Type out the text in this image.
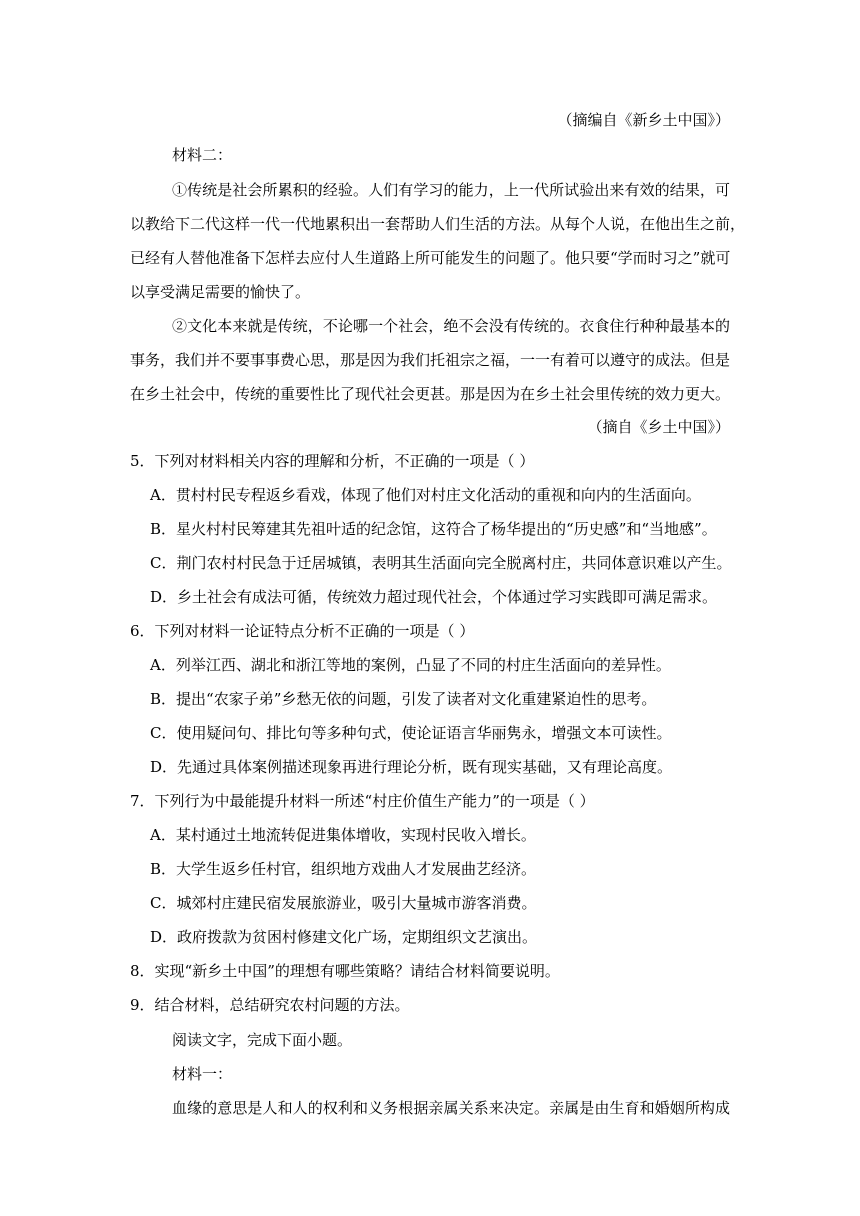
（摘编自《新乡土中国》）
材料二：
①传统是社会所累积的经验。人们有学习的能力，上一代所试验出来有效的结果，可
以教给下二代这样一代一代地累积出一套帮助人们生活的方法。从每个人说，在他出生之前，
已经有人替他准备下怎样去应付人生道路上所可能发生的问题了。他只要“学而时习之”就可
以享受满足需要的愉快了。
②文化本来就是传统，不论哪一个社会，绝不会没有传统的。衣食住行种种最基本的
事务，我们并不要事事费心思，那是因为我们托祖宗之福，一一有着可以遵守的成法。但是
在乡土社会中，传统的重要性比了现代社会更甚。那是因为在乡土社会里传统的效力更大。
（摘自《乡土中国》）
5．下列对材料相关内容的理解和分析，不正确的一项是（ ）
A．贯村村民专程返乡看戏，体现了他们对村庄文化活动的重视和向内的生活面向。
B．星火村村民筹建其先祖叶适的纪念馆，这符合了杨华提出的“历史感”和“当地感”。
C．荆门农村村民急于迁居城镇，表明其生活面向完全脱离村庄，共同体意识难以产生。
D．乡土社会有成法可循，传统效力超过现代社会，个体通过学习实践即可满足需求。
6．下列对材料一论证特点分析不正确的一项是（ ）
A．列举江西、湖北和浙江等地的案例，凸显了不同的村庄生活面向的差异性。
B．提出“农家子弟”乡愁无依的问题，引发了读者对文化重建紧迫性的思考。
C．使用疑问句、排比句等多种句式，使论证语言华丽隽永，增强文本可读性。
D．先通过具体案例描述现象再进行理论分析，既有现实基础，又有理论高度。
7．下列行为中最能提升材料一所述“村庄价值生产能力”的一项是（ ）
A．某村通过土地流转促进集体增收，实现村民收入增长。
B．大学生返乡任村官，组织地方戏曲人才发展曲艺经济。
C．城郊村庄建民宿发展旅游业，吸引大量城市游客消费。
D．政府拨款为贫困村修建文化广场，定期组织文艺演出。
8．实现“新乡土中国”的理想有哪些策略？请结合材料简要说明。
9．结合材料，总结研究农村问题的方法。
阅读文字，完成下面小题。
材料一：
血缘的意思是人和人的权利和义务根据亲属关系来决定。亲属是由生育和婚姻所构成
